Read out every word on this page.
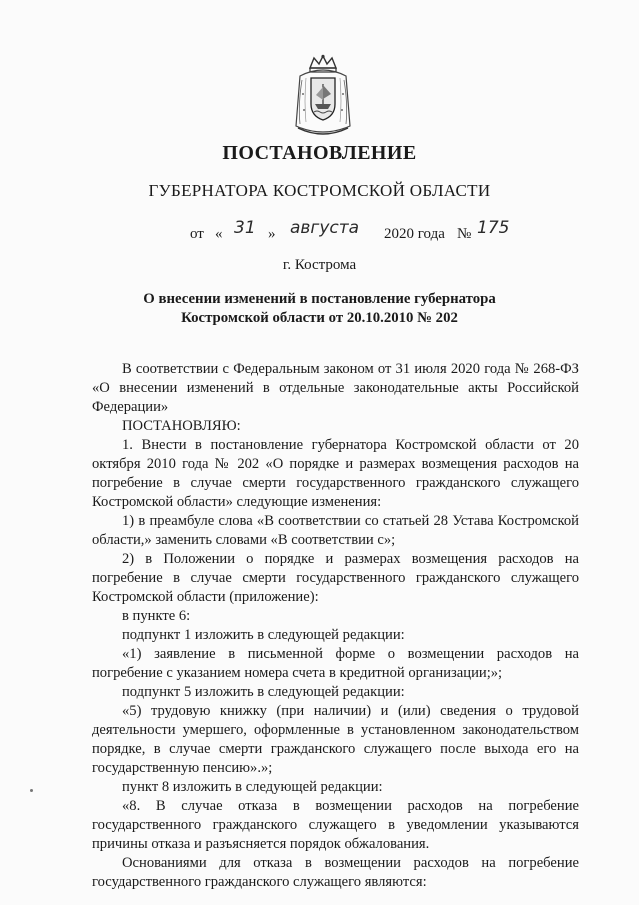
ПОСТАНОВЛЕНИЕ
ГУБЕРНАТОРА КОСТРОМСКОЙ ОБЛАСТИ
от « 31 » августа 2020 года № 175
г. Кострома
О внесении изменений в постановление губернатора
Костромской области от 20.10.2010 № 202

В соответствии с Федеральным законом от 31 июля 2020 года № 268-ФЗ «О внесении изменений в отдельные законодательные акты Российской Федерации»

ПОСТАНОВЛЯЮ:

1. Внести в постановление губернатора Костромской области от 20 октября 2010 года № 202 «О порядке и размерах возмещения расходов на погребение в случае смерти государственного гражданского служащего Костромской области» следующие изменения:

1) в преамбуле слова «В соответствии со статьей 28 Устава Костромской области,» заменить словами «В соответствии с»;

2) в Положении о порядке и размерах возмещения расходов на погребение в случае смерти государственного гражданского служащего Костромской области (приложение):

в пункте 6:

подпункт 1 изложить в следующей редакции:

«1) заявление в письменной форме о возмещении расходов на погребение с указанием номера счета в кредитной организации;»;

подпункт 5 изложить в следующей редакции:

«5) трудовую книжку (при наличии) и (или) сведения о трудовой деятельности умершего, оформленные в установленном законодательством порядке, в случае смерти гражданского служащего после выхода его на государственную пенсию».»;

пункт 8 изложить в следующей редакции:

«8. В случае отказа в возмещении расходов на погребение государственного гражданского служащего в уведомлении указываются причины отказа и разъясняется порядок обжалования.

Основаниями для отказа в возмещении расходов на погребение государственного гражданского служащего являются:
